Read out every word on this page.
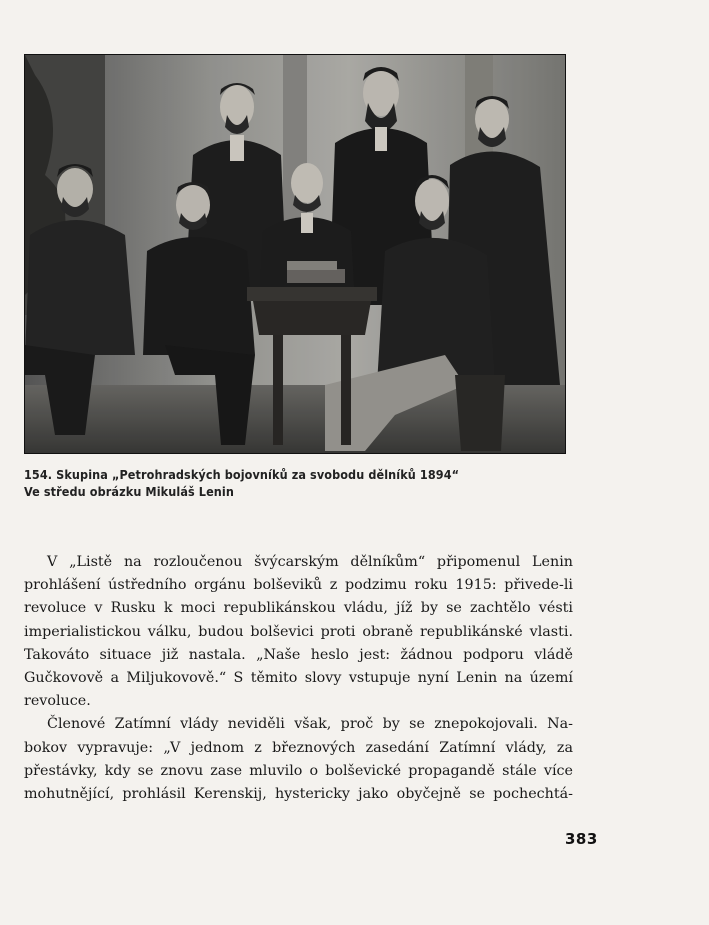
154. Skupina „Petrohradských bojovníků za svobodu dělníků 1894“
Ve středu obrázku Mikuláš Lenin
V „Listě na rozloučenou švýcarským dělníkům“ připomenul Lenin
prohlášení ústředního orgánu bolševiků z podzimu roku 1915: přivede-li
revoluce v Rusku k moci republikánskou vládu, jíž by se zachtělo vésti
imperialistickou válku, budou bolševici proti obraně republikánské vlasti.
Takováto situace již nastala. „Naše heslo jest: žádnou podporu vládě
Gučkovově a Miljukovově.“ S těmito slovy vstupuje nyní Lenin na území
revoluce.
Členové Zatímní vlády neviděli však, proč by se znepokojovali. Na-
bokov vypravuje: „V jednom z březnových zasedání Zatímní vlády, za
přestávky, kdy se znovu zase mluvilo o bolševické propagandě stále více
mohutnějící, prohlásil Kerenskij, hystericky jako obyčejně se pochechtá-
383
